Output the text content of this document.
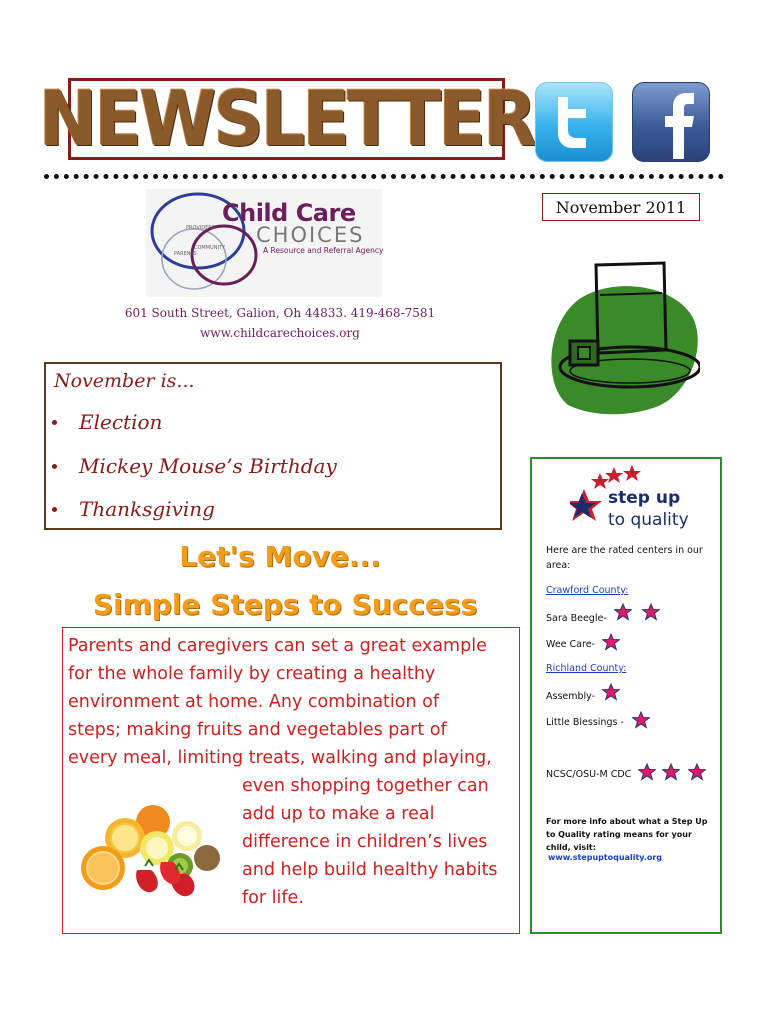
NEWSLETTER
November 2011
PROVIDERS
PARENTS
COMMUNITY
Child Care
CHOICES
A Resource and Referral Agency
601 South Street, Galion, Oh 44833. 419-468-7581
www.childcarechoices.org
November is...
Election
Mickey Mouse’s Birthday
Thanksgiving
Let's Move...
Simple Steps to Success
Parents and caregivers can set a great example
for the whole family by creating a healthy
environment at home. Any combination of
steps; making fruits and vegetables part of
every meal, limiting treats, walking and playing,
even shopping together can
add up to make a real
difference in children’s lives
and help build healthy habits
for life.
step up
to quality
Here are the rated centers in our area:
Crawford County:
Sara Beegle-
Wee Care-
Richland County:
Assembly-
Little Blessings -
NCSC/OSU-M CDC
For more info about what a Step Up to Quality rating means for your child, visit:
www.stepuptoquality.org
